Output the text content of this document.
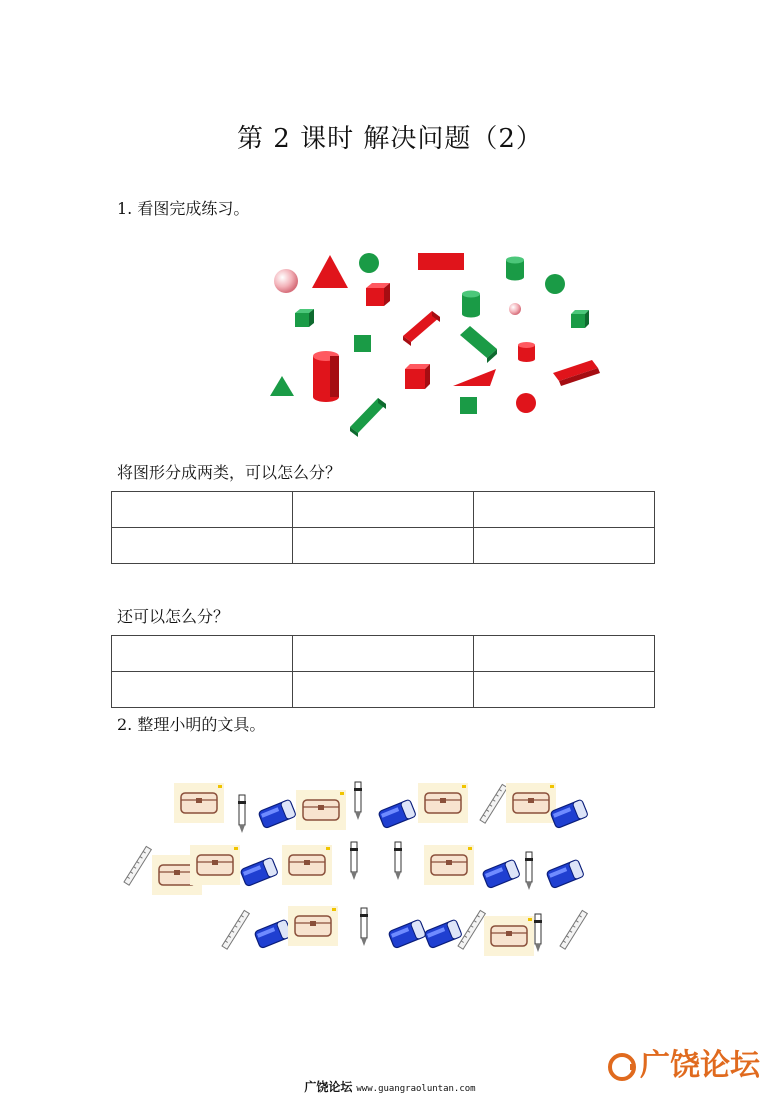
第 2 课时 解决问题（2）
1. 看图完成练习。
将图形分成两类，可以怎么分？

还可以怎么分？

2. 整理小明的文具。
广饶论坛
广饶论坛 www.guangraoluntan.com
